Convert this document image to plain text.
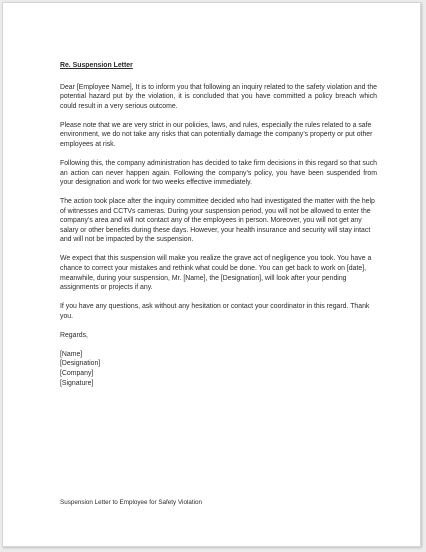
Re. Suspension Letter

Dear [Employee Name], It is to inform you that following an inquiry related to the safety violation and the potential hazard put by the violation, it is concluded that you have committed a policy breach which could result in a very serious outcome.

Please note that we are very strict in our policies, laws, and rules, especially the rules related to a safe environment, we do not take any risks that can potentially damage the company’s property or put other employees at risk.

Following this, the company administration has decided to take firm decisions in this regard so that such an action can never happen again. Following the company’s policy, you have been suspended from your designation and work for two weeks effective immediately.

The action took place after the inquiry committee decided who had investigated the matter with the help of witnesses and CCTVs cameras. During your suspension period, you will not be allowed to enter the company’s area and will not contact any of the employees in person. Moreover, you will not get any salary or other benefits during these days. However, your health insurance and security will stay intact and will not be impacted by the suspension.

We expect that this suspension will make you realize the grave act of negligence you took. You have a chance to correct your mistakes and rethink what could be done. You can get back to work on [date], meanwhile, during your suspension, Mr. [Name], the [Designation], will look after your pending assignments or projects if any.

If you have any questions, ask without any hesitation or contact your coordinator in this regard. Thank you.

Regards,
[Name]
[Designation]
[Company]
[Signature]
Suspension Letter to Employee for Safety Violation
